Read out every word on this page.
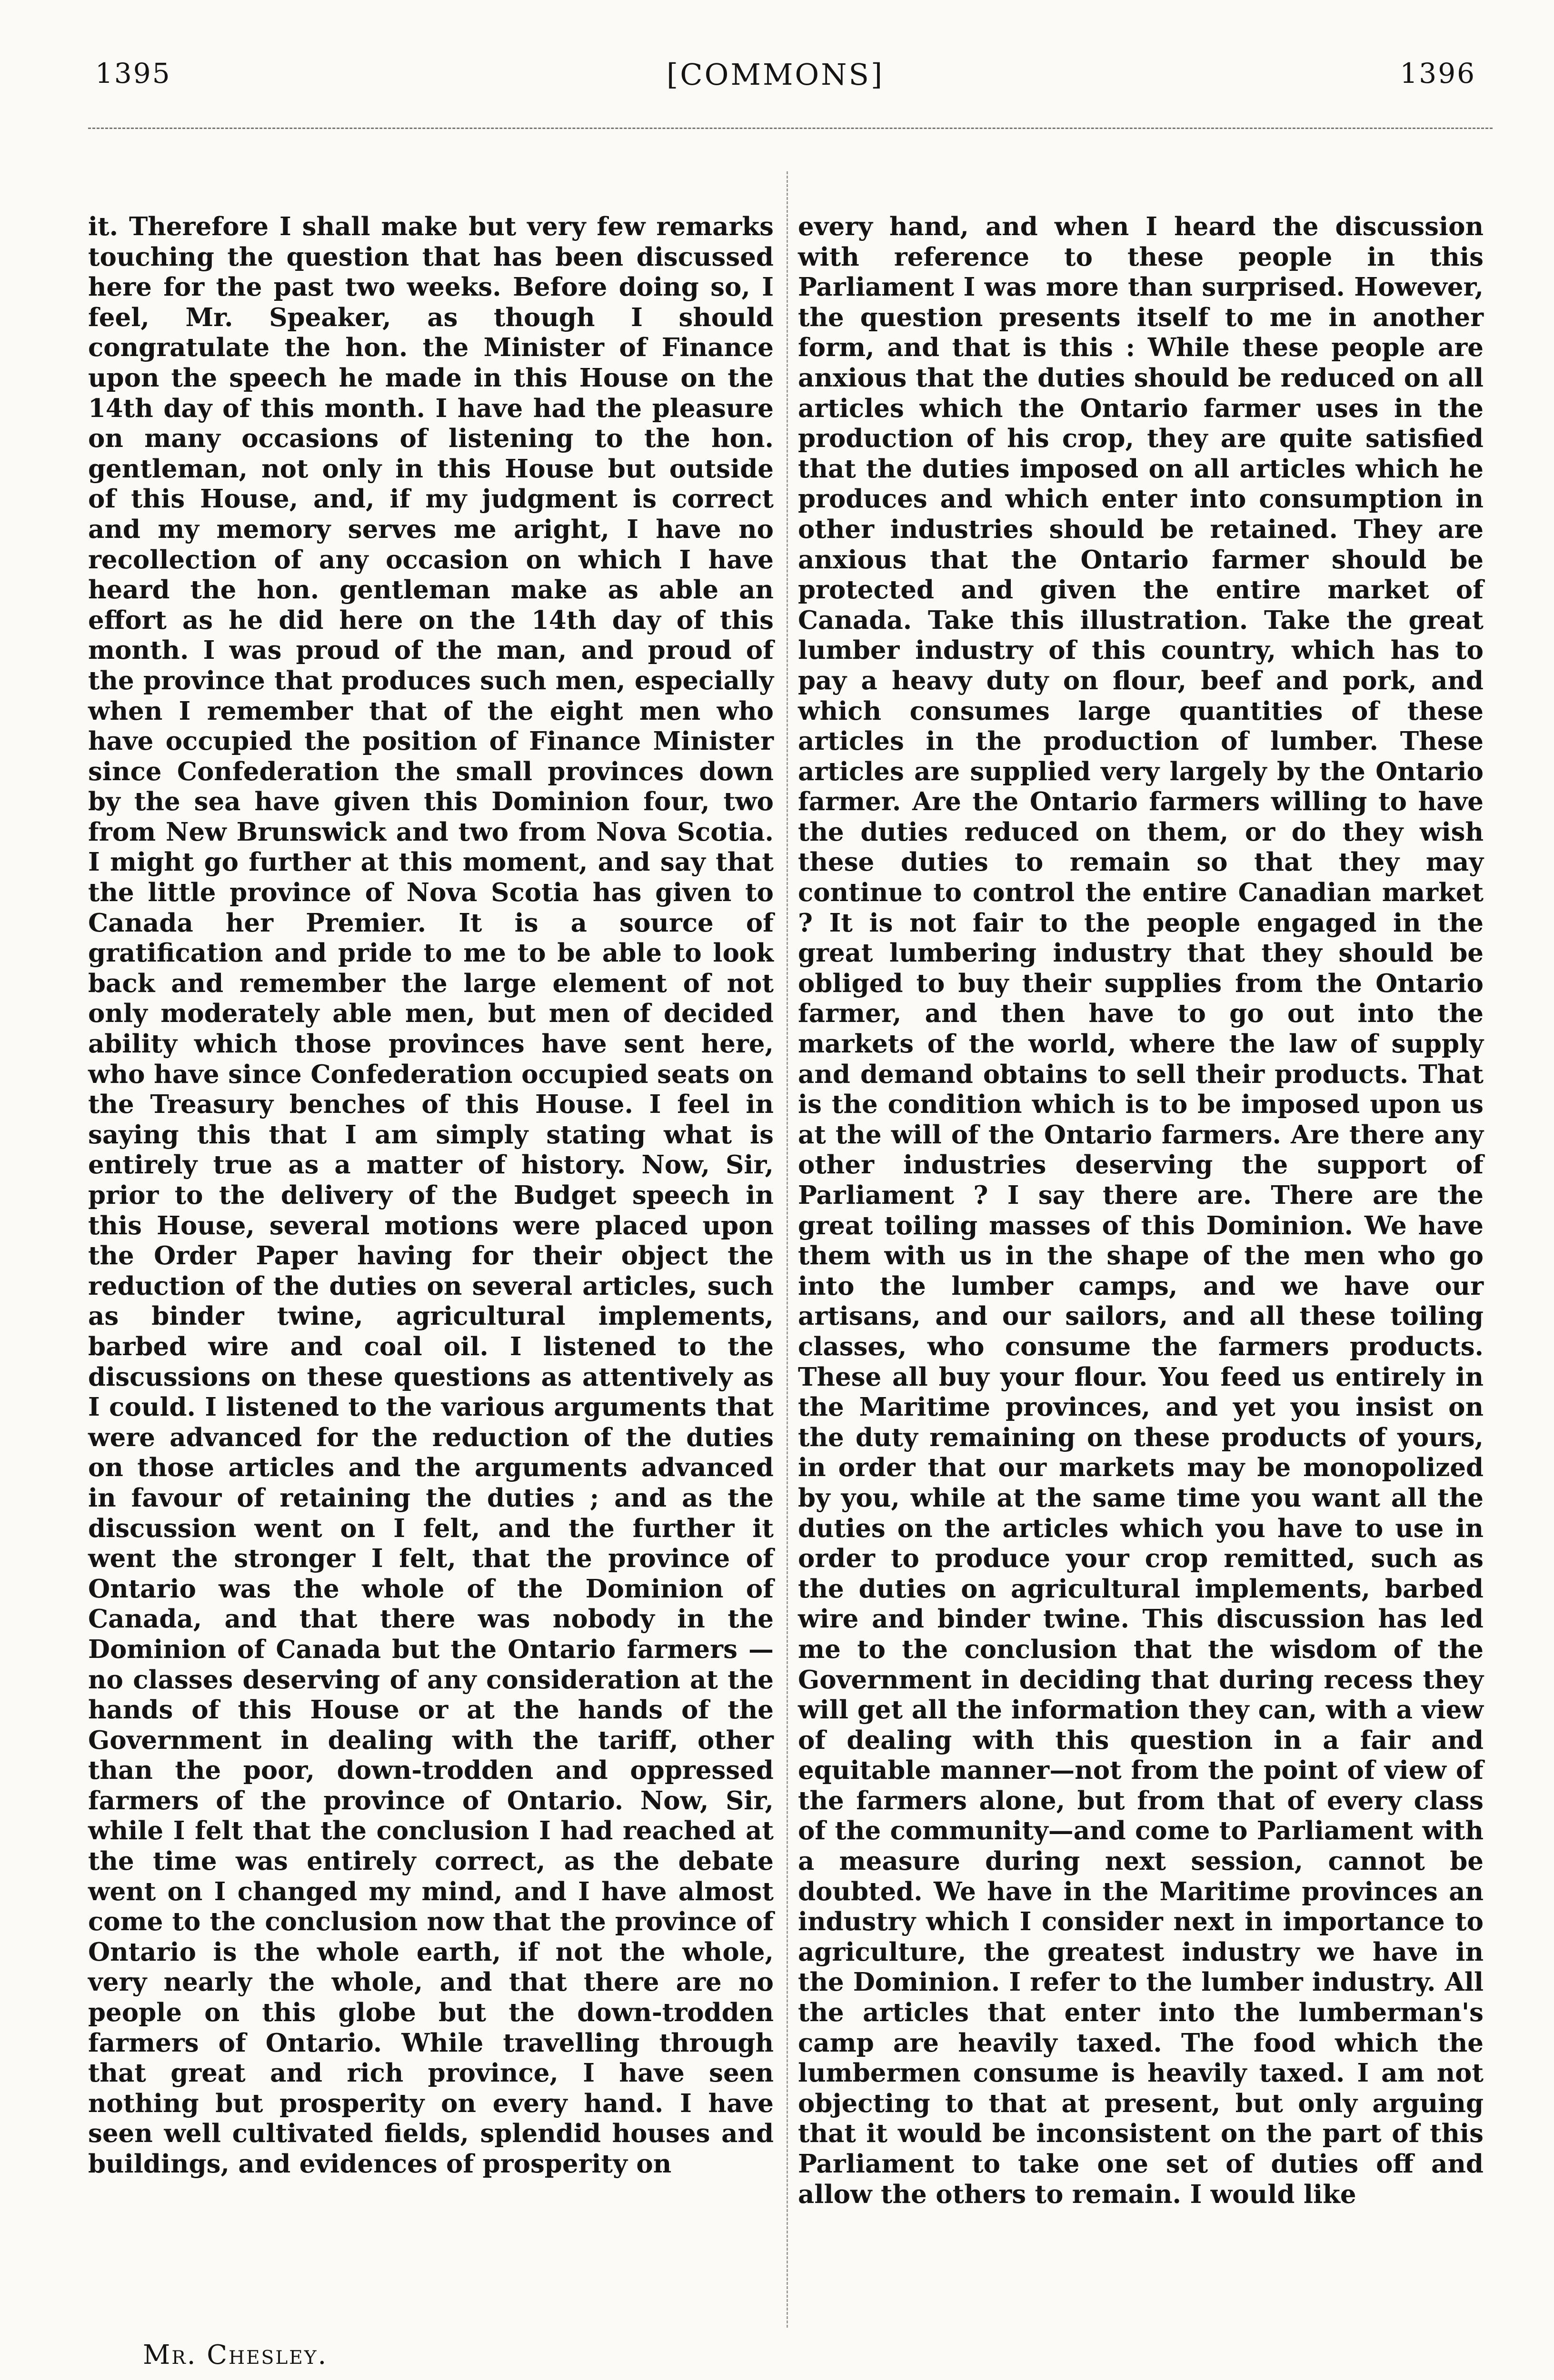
1395	[COMMONS]	1396

it. Therefore I shall make but very few remarks touching the question that has been discussed here for the past two weeks. Before doing so, I feel, Mr. Speaker, as though I should congratulate the hon. the Minister of Finance upon the speech he made in this House on the 14th day of this month. I have had the pleasure on many occasions of listening to the hon. gentleman, not only in this House but outside of this House, and, if my judgment is correct and my memory serves me aright, I have no recollection of any occasion on which I have heard the hon. gentleman make as able an effort as he did here on the 14th day of this month. I was proud of the man, and proud of the province that produces such men, especially when I remember that of the eight men who have occupied the position of Finance Minister since Confederation the small provinces down by the sea have given this Dominion four, two from New Brunswick and two from Nova Scotia. I might go further at this moment, and say that the little province of Nova Scotia has given to Canada her Premier. It is a source of gratification and pride to me to be able to look back and remember the large element of not only moderately able men, but men of decided ability which those provinces have sent here, who have since Confederation occupied seats on the Treasury benches of this House. I feel in saying this that I am simply stating what is entirely true as a matter of history. Now, Sir, prior to the delivery of the Budget speech in this House, several motions were placed upon the Order Paper having for their object the reduction of the duties on several articles, such as binder twine, agricultural implements, barbed wire and coal oil. I listened to the discussions on these questions as attentively as I could. I listened to the various arguments that were advanced for the reduction of the duties on those articles and the arguments advanced in favour of retaining the duties ; and as the discussion went on I felt, and the further it went the stronger I felt, that the province of Ontario was the whole of the Dominion of Canada, and that there was nobody in the Dominion of Canada but the Ontario farmers —no classes deserving of any consideration at the hands of this House or at the hands of the Government in dealing with the tariff, other than the poor, down-trodden and oppressed farmers of the province of Ontario. Now, Sir, while I felt that the conclusion I had reached at the time was entirely correct, as the debate went on I changed my mind, and I have almost come to the conclusion now that the province of Ontario is the whole earth, if not the whole, very nearly the whole, and that there are no people on this globe but the down-trodden farmers of Ontario. While travelling through that great and rich province, I have seen nothing but prosperity on every hand. I have seen well cultivated fields, splendid houses and buildings, and evidences of prosperity on

every hand, and when I heard the discussion with reference to these people in this Parliament I was more than surprised. However, the question presents itself to me in another form, and that is this : While these people are anxious that the duties should be reduced on all articles which the Ontario farmer uses in the production of his crop, they are quite satisfied that the duties imposed on all articles which he produces and which enter into consumption in other industries should be retained. They are anxious that the Ontario farmer should be protected and given the entire market of Canada. Take this illustration. Take the great lumber industry of this country, which has to pay a heavy duty on flour, beef and pork, and which consumes large quantities of these articles in the production of lumber. These articles are supplied very largely by the Ontario farmer. Are the Ontario farmers willing to have the duties reduced on them, or do they wish these duties to remain so that they may continue to control the entire Canadian market ? It is not fair to the people engaged in the great lumbering industry that they should be obliged to buy their supplies from the Ontario farmer, and then have to go out into the markets of the world, where the law of supply and demand obtains to sell their products. That is the condition which is to be imposed upon us at the will of the Ontario farmers. Are there any other industries deserving the support of Parliament ? I say there are. There are the great toiling masses of this Dominion. We have them with us in the shape of the men who go into the lumber camps, and we have our artisans, and our sailors, and all these toiling classes, who consume the farmers products. These all buy your flour. You feed us entirely in the Maritime provinces, and yet you insist on the duty remaining on these products of yours, in order that our markets may be monopolized by you, while at the same time you want all the duties on the articles which you have to use in order to produce your crop remitted, such as the duties on agricultural implements, barbed wire and binder twine. This discussion has led me to the conclusion that the wisdom of the Government in deciding that during recess they will get all the information they can, with a view of dealing with this question in a fair and equitable manner—not from the point of view of the farmers alone, but from that of every class of the community—and come to Parliament with a measure during next session, cannot be doubted. We have in the Maritime provinces an industry which I consider next in importance to agriculture, the greatest industry we have in the Dominion. I refer to the lumber industry. All the articles that enter into the lumberman's camp are heavily taxed. The food which the lumbermen consume is heavily taxed. I am not objecting to that at present, but only arguing that it would be inconsistent on the part of this Parliament to take one set of duties off and allow the others to remain. I would like

Mr. Chesley.
